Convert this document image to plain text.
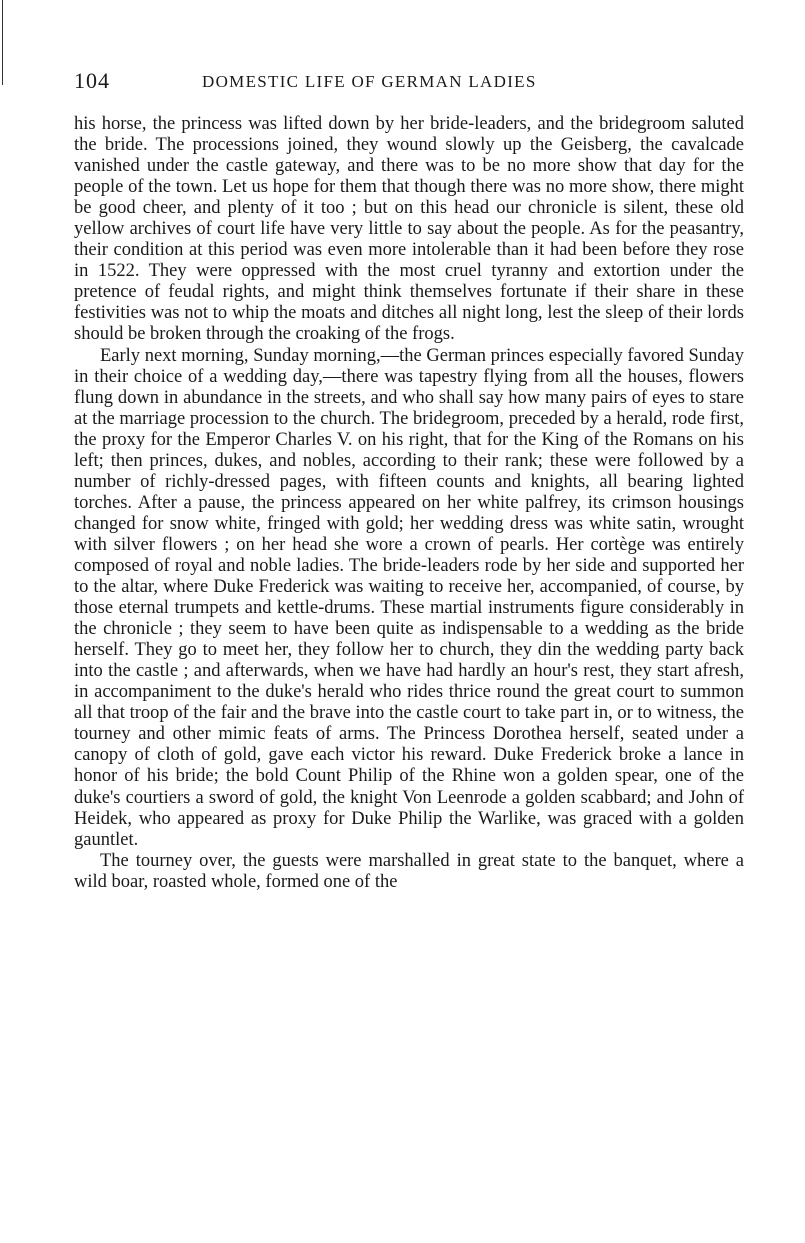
104	DOMESTIC LIFE OF GERMAN LADIES

his horse, the princess was lifted down by her bride-leaders, and the bridegroom saluted the bride. The processions joined, they wound slowly up the Geisberg, the cavalcade vanished under the castle gateway, and there was to be no more show that day for the people of the town. Let us hope for them that though there was no more show, there might be good cheer, and plenty of it too ; but on this head our chronicle is silent, these old yellow archives of court life have very little to say about the people. As for the peasantry, their condition at this period was even more intolerable than it had been before they rose in 1522. They were oppressed with the most cruel tyranny and extortion under the pretence of feudal rights, and might think themselves fortunate if their share in these festivities was not to whip the moats and ditches all night long, lest the sleep of their lords should be broken through the croaking of the frogs.

Early next morning, Sunday morning,—the German princes especially favored Sunday in their choice of a wedding day,—there was tapestry flying from all the houses, flowers flung down in abundance in the streets, and who shall say how many pairs of eyes to stare at the marriage procession to the church. The bridegroom, preceded by a herald, rode first, the proxy for the Emperor Charles V. on his right, that for the King of the Romans on his left; then princes, dukes, and nobles, according to their rank; these were followed by a number of richly-dressed pages, with fifteen counts and knights, all bearing lighted torches. After a pause, the princess appeared on her white palfrey, its crimson housings changed for snow white, fringed with gold; her wedding dress was white satin, wrought with silver flowers ; on her head she wore a crown of pearls. Her cortège was entirely composed of royal and noble ladies. The bride-leaders rode by her side and supported her to the altar, where Duke Frederick was waiting to receive her, accompanied, of course, by those eternal trumpets and kettle-drums. These martial instruments figure considerably in the chronicle ; they seem to have been quite as indispensable to a wedding as the bride herself. They go to meet her, they follow her to church, they din the wedding party back into the castle ; and afterwards, when we have had hardly an hour's rest, they start afresh, in accompaniment to the duke's herald who rides thrice round the great court to summon all that troop of the fair and the brave into the castle court to take part in, or to witness, the tourney and other mimic feats of arms. The Princess Dorothea herself, seated under a canopy of cloth of gold, gave each victor his reward. Duke Frederick broke a lance in honor of his bride; the bold Count Philip of the Rhine won a golden spear, one of the duke's courtiers a sword of gold, the knight Von Leenrode a golden scabbard; and John of Heidek, who appeared as proxy for Duke Philip the Warlike, was graced with a golden gauntlet.

The tourney over, the guests were marshalled in great state to the banquet, where a wild boar, roasted whole, formed one of the
